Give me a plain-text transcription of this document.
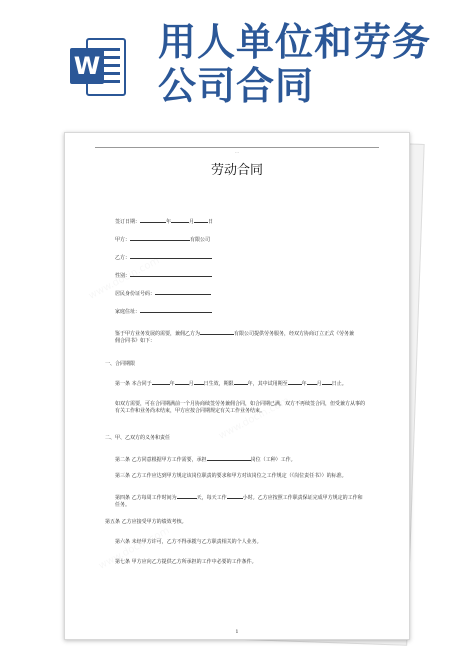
W
用人单位和劳务公司合同
...
劳动合同
签订日期：	年	月	日
甲方：	有限公司
乙方：
性别：
居民身份证号码：
家庭住址：
鉴于甲方业务发展的需要，兼佣乙方为	有限公司提供劳务服务，经双方协商订立正式《劳务兼佣合同书》如下：
一、合同期限
第一条 本合同于	年	月 日生效，期限	年，其中试用期至	年 月 日止。
如双方需要，可在合同期满前一个月协商续签劳务兼佣合同，如合同期已满，双方不再续签合同，但受兼方从事的有关工作和业务尚未结束，甲方应按合同期规定有关工作业务结束。
二、甲、乙双方的义务和责任
第二条 乙方同意根据甲方工作需要，承担	岗位（工种）工作。
第三条 乙方工作应达到甲方规定该岗位职责的要求和甲方对该岗位之工作规定（《岗位责任书》）的标准。
第四条 乙方每周工作时间为	天，每天工作	小时。乙方应按照工作职责保证完成甲方规定的工作和任务。
第五条 乙方应接受甲方的绩效考核。
第六条 未经甲方许可，乙方不得承揽与乙方职责相关的个人业务。
第七条 甲方应向乙方提供乙方所承担的工作中必要的工作条件。
1
